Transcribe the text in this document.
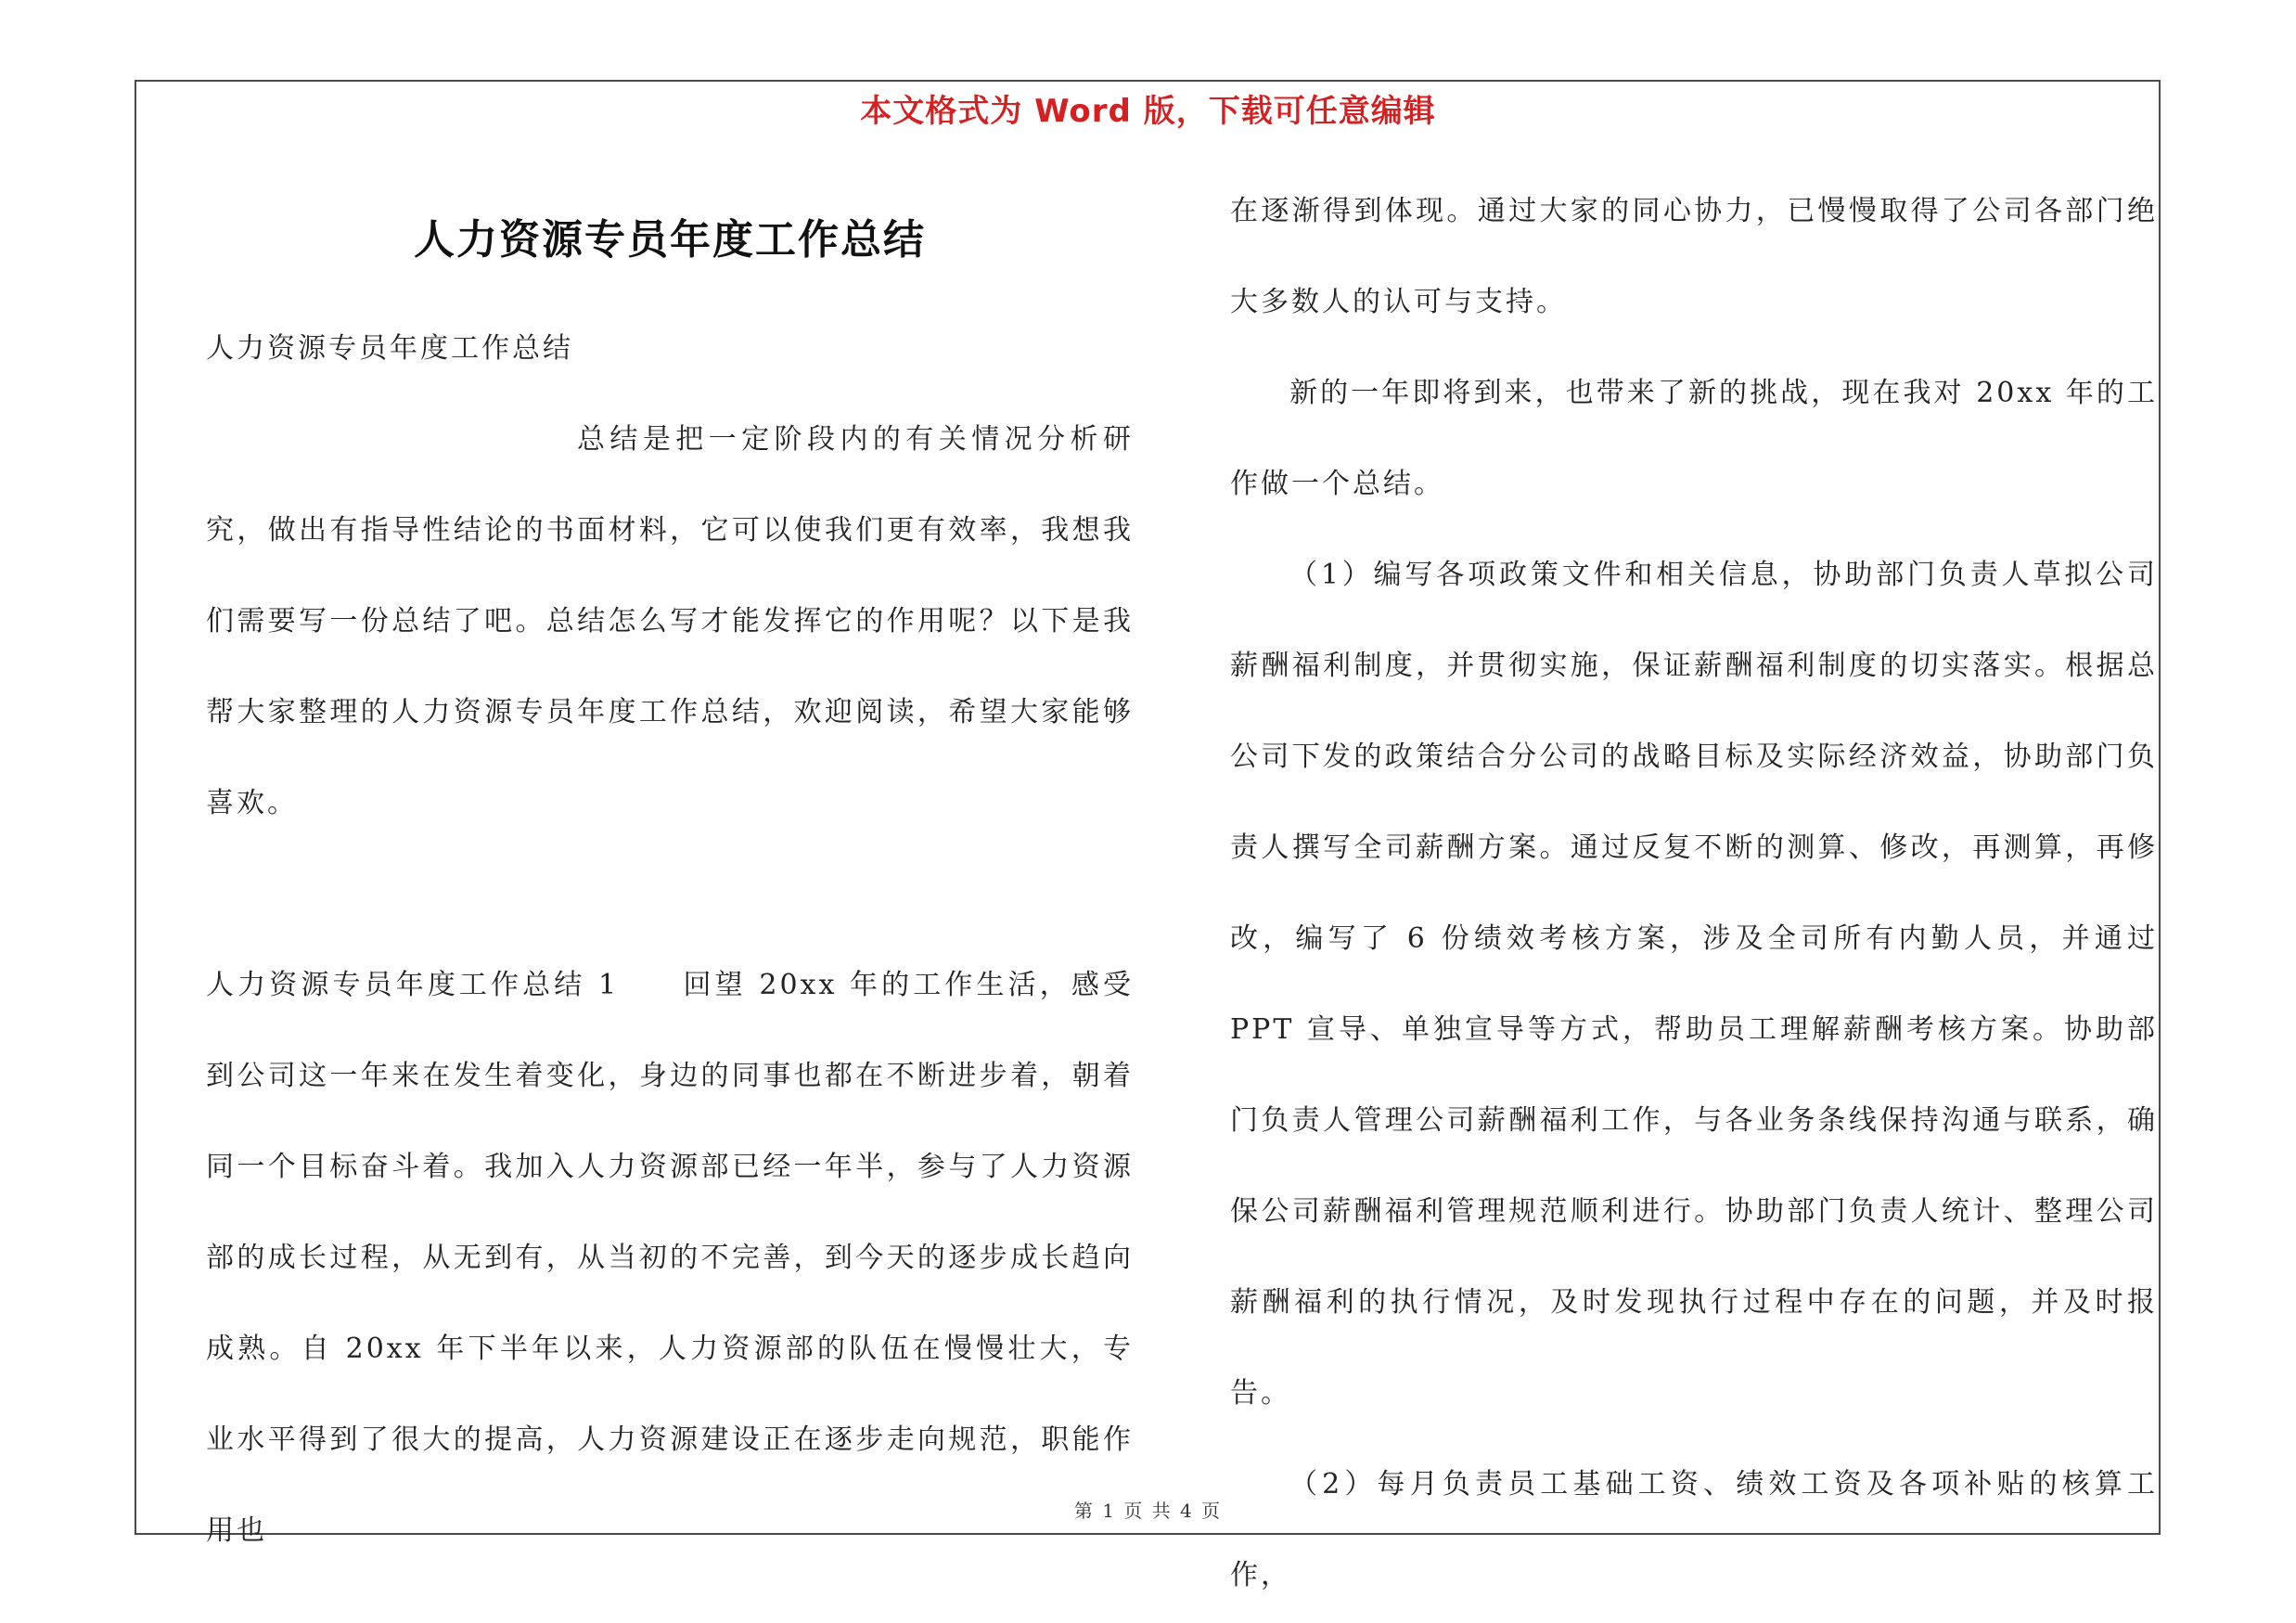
本文格式为 Word 版，下载可任意编辑
人力资源专员年度工作总结

人力资源专员年度工作总结

总结是把一定阶段内的有关情况分析研究，做出有指导性结论的书面材料，它可以使我们更有效率，我想我们需要写一份总结了吧。总结怎么写才能发挥它的作用呢？以下是我帮大家整理的人力资源专员年度工作总结，欢迎阅读，希望大家能够喜欢。

人力资源专员年度工作总结 1　　回望 20xx 年的工作生活，感受到公司这一年来在发生着变化，身边的同事也都在不断进步着，朝着同一个目标奋斗着。我加入人力资源部已经一年半，参与了人力资源部的成长过程，从无到有，从当初的不完善，到今天的逐步成长趋向成熟。自 20xx 年下半年以来，人力资源部的队伍在慢慢壮大，专业水平得到了很大的提高，人力资源建设正在逐步走向规范，职能作用也

在逐渐得到体现。通过大家的同心协力，已慢慢取得了公司各部门绝大多数人的认可与支持。

新的一年即将到来，也带来了新的挑战，现在我对 20xx 年的工作做一个总结。

（1）编写各项政策文件和相关信息，协助部门负责人草拟公司薪酬福利制度，并贯彻实施，保证薪酬福利制度的切实落实。根据总公司下发的政策结合分公司的战略目标及实际经济效益，协助部门负责人撰写全司薪酬方案。通过反复不断的测算、修改，再测算，再修改，编写了 6 份绩效考核方案，涉及全司所有内勤人员，并通过 PPT 宣导、单独宣导等方式，帮助员工理解薪酬考核方案。协助部门负责人管理公司薪酬福利工作，与各业务条线保持沟通与联系，确保公司薪酬福利管理规范顺利进行。协助部门负责人统计、整理公司薪酬福利的执行情况，及时发现执行过程中存在的问题，并及时报告。

（2）每月负责员工基础工资、绩效工资及各项补贴的核算工作，

第 1 页 共 4 页
